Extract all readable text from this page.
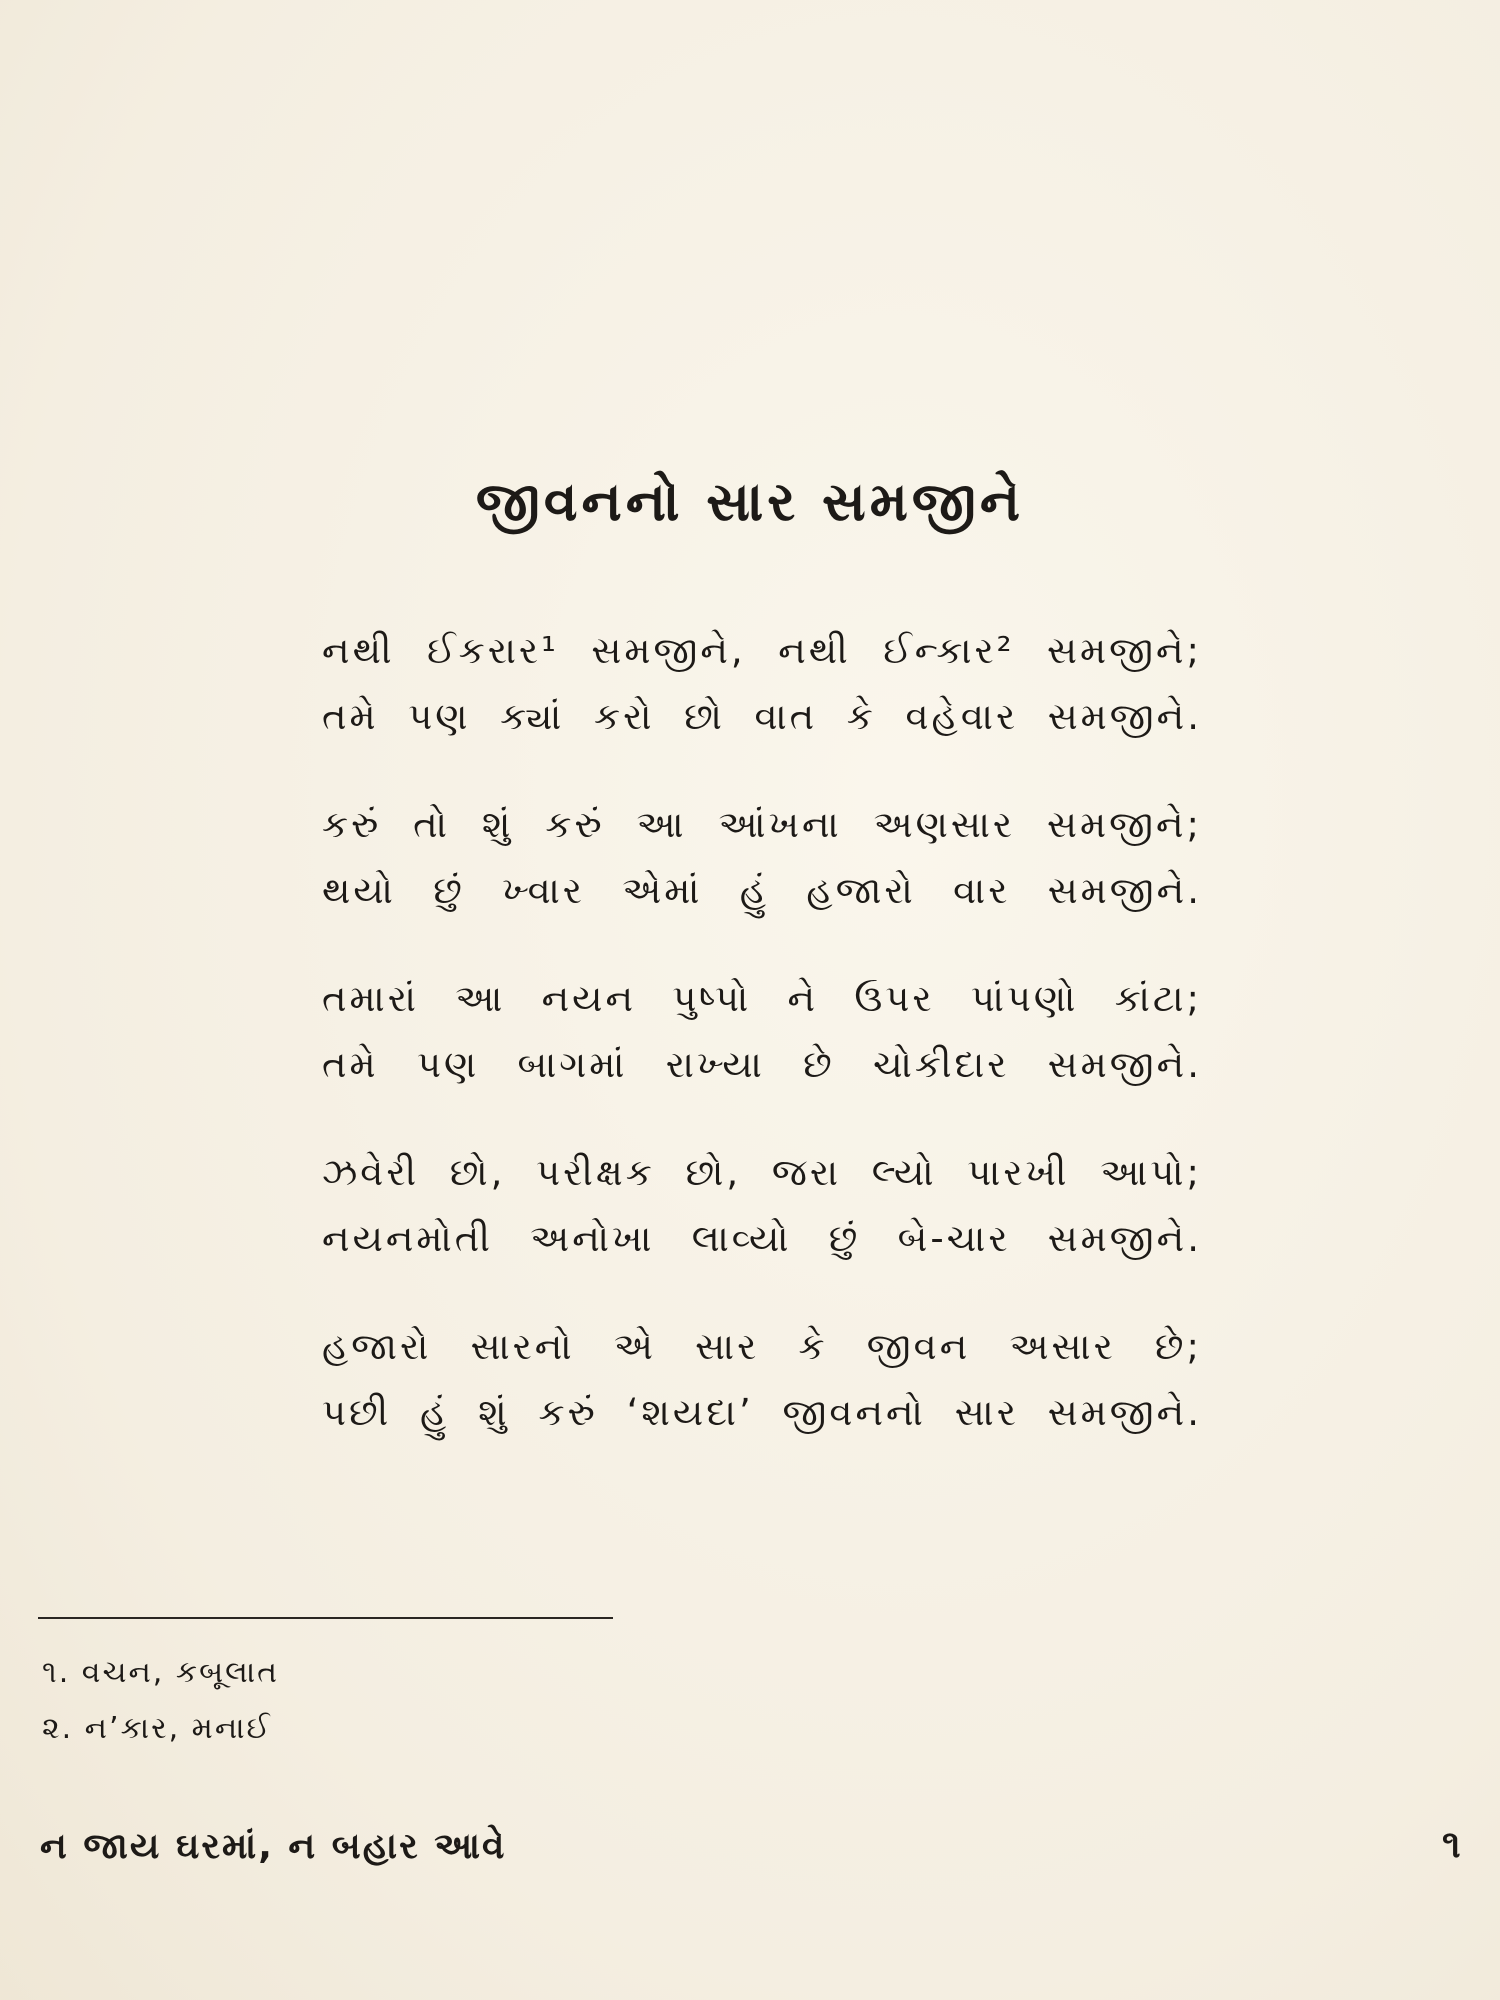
જીવનનો સાર સમજીને
નથી ઈકરાર¹ સમજીને, નથી ઈન્કાર² સમજીને;
તમે પણ ક્યાં કરો છો વાત કે વહેવાર સમજીને.
કરું તો શું કરું આ આંખના અણસાર સમજીને;
થયો છું ખ્વાર એમાં હું હજારો વાર સમજીને.
તમારાં આ નયન પુષ્પો ને ઉપર પાંપણો કાંટા;
તમે પણ બાગમાં રાખ્યા છે ચોકીદાર સમજીને.
ઝવેરી છો, પરીક્ષક છો, જરા લ્યો પારખી આપો;
નયનમોતી અનોખા લાવ્યો છું બે-ચાર સમજીને.
હજારો સારનો એ સાર કે જીવન અસાર છે;
પછી હું શું કરું ‘શયદા’ જીવનનો સાર સમજીને.
૧. વચન, કબૂલાત
૨. ન’કાર, મનાઈ
ન જાય ઘરમાં, ન બહાર આવે	૧
